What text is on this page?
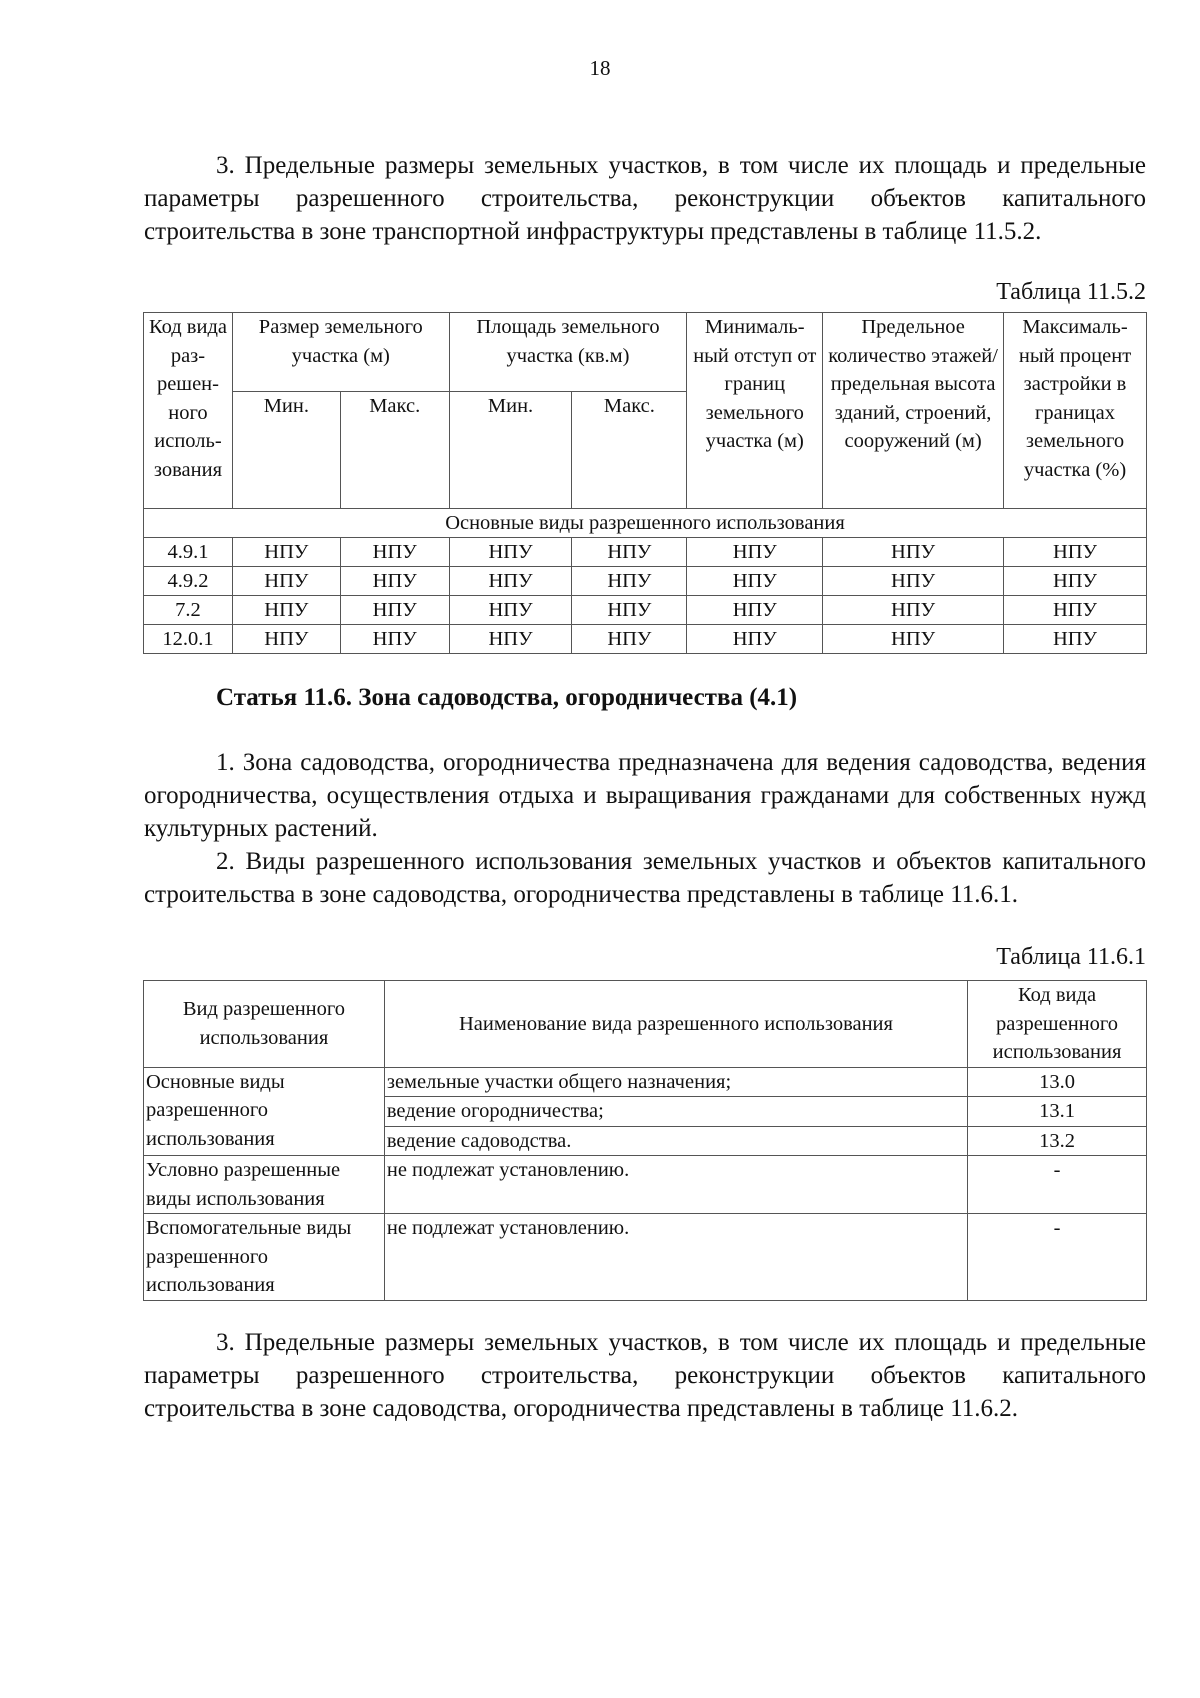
18

3. Предельные размеры земельных участков, в том числе их площадь и предельные параметры разрешенного строительства, реконструкции объектов капитального строительства в зоне транспортной инфраструктуры представлены в таблице 11.5.2.

Таблица 11.5.2
Код вида раз- решен- ного исполь- зования	Размер земельного участка (м)		Площадь земельного участка (кв.м)		Минималь- ный отступ от границ земельного участка (м)	Предельное количество этажей/ предельная высота зданий, строений, сооружений (м)	Максималь- ный процент застройки в границах земельного участка (%)
	Мин.	Макс.	Мин.	Макс.			
Основные виды разрешенного использования							
4.9.1	НПУ	НПУ	НПУ	НПУ	НПУ	НПУ	НПУ
4.9.2	НПУ	НПУ	НПУ	НПУ	НПУ	НПУ	НПУ
7.2	НПУ	НПУ	НПУ	НПУ	НПУ	НПУ	НПУ
12.0.1	НПУ	НПУ	НПУ	НПУ	НПУ	НПУ	НПУ
Статья 11.6. Зона садоводства, огородничества (4.1)

1. Зона садоводства, огородничества предназначена для ведения садоводства, ведения огородничества, осуществления отдыха и выращивания гражданами для собственных нужд культурных растений.

2. Виды разрешенного использования земельных участков и объектов капитального строительства в зоне садоводства, огородничества представлены в таблице 11.6.1.

Таблица 11.6.1
Вид разрешенного использования	Наименование вида разрешенного использования	Код вида разрешенного использования
Основные виды разрешенного использования	земельные участки общего назначения;	13.0
	ведение огородничества;	13.1
	ведение садоводства.	13.2
Условно разрешенные виды использования	не подлежат установлению.	-
Вспомогательные виды разрешенного использования	не подлежат установлению.	-

3. Предельные размеры земельных участков, в том числе их площадь и предельные параметры разрешенного строительства, реконструкции объектов капитального строительства в зоне садоводства, огородничества представлены в таблице 11.6.2.
